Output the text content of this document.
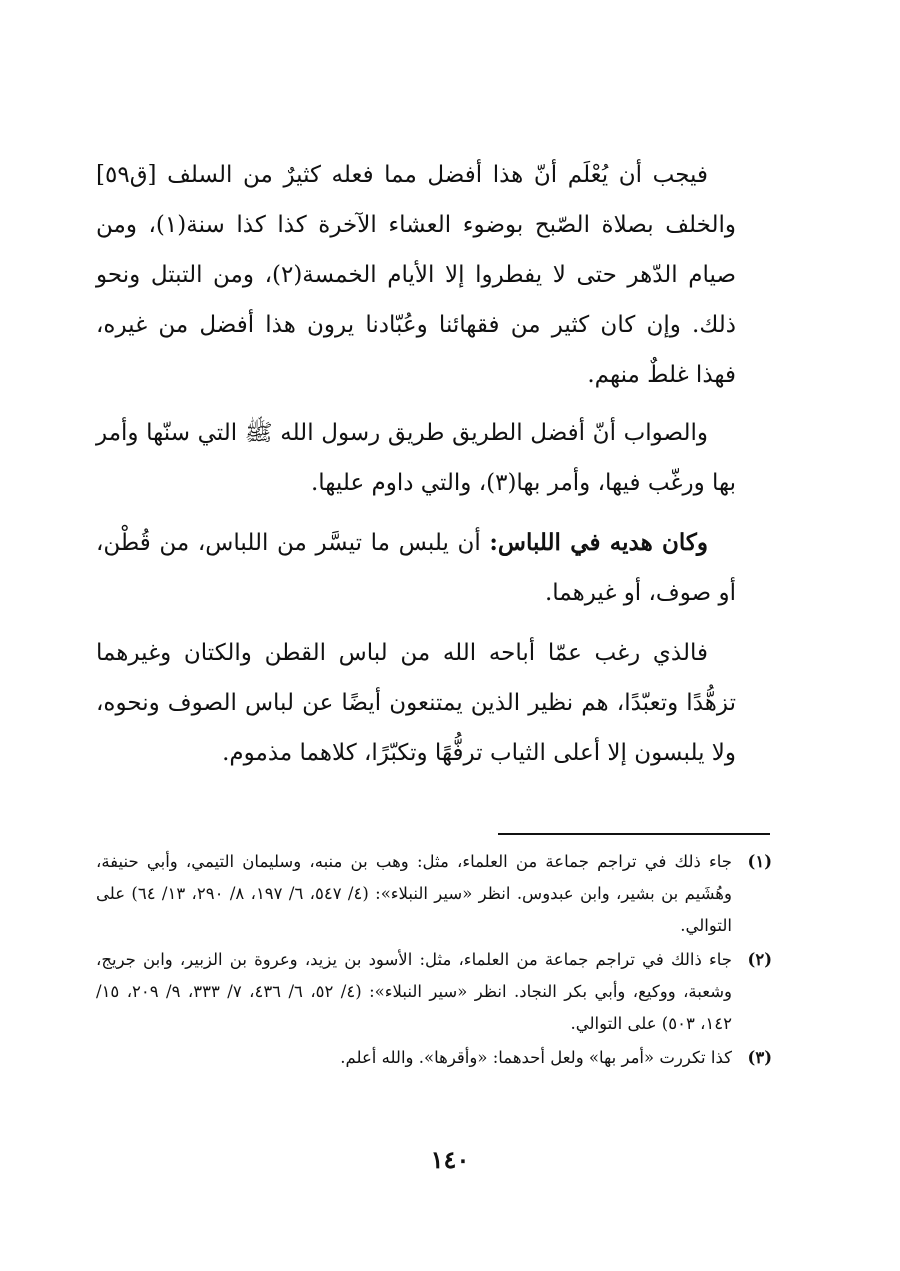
فيجب أن يُعْلَم أنّ هذا أفضل مما فعله كثيرٌ من السلف [ق٥٩] والخلف بصلاة الصّبح بوضوء العشاء الآخرة كذا كذا سنة(١)، ومن صيام الدّهر حتى لا يفطروا إلا الأيام الخمسة(٢)، ومن التبتل ونحو ذلك. وإن كان كثير من فقهائنا وعُبّادنا يرون هذا أفضل من غيره، فهذا غلطٌ منهم.

والصواب أنّ أفضل الطريق طريق رسول الله ﷺ التي سنّها وأمر بها ورغّب فيها، وأمر بها(٣)، والتي داوم عليها.

وكان هديه في اللباس: أن يلبس ما تيسَّر من اللباس، من قُطْن، أو صوف، أو غيرهما.

فالذي رغب عمّا أباحه الله من لباس القطن والكتان وغيرهما تزهُّدًا وتعبّدًا، هم نظير الذين يمتنعون أيضًا عن لباس الصوف ونحوه، ولا يلبسون إلا أعلى الثياب ترفُّهًا وتكبّرًا، كلاهما مذموم.

(١)
جاء ذلك في تراجم جماعة من العلماء، مثل: وهب بن منبه، وسليمان التيمي، وأبي حنيفة، وهُشَيم بن بشير، وابن عبدوس. انظر «سير النبلاء»: (٤/ ٥٤٧، ٦/ ١٩٧، ٨/ ٢٩٠، ١٣/ ٦٤) على التوالي.
(٢)
جاء ذالك في تراجم جماعة من العلماء، مثل: الأسود بن يزيد، وعروة بن الزبير، وابن جريج، وشعبة، ووكيع، وأبي بكر النجاد. انظر «سير النبلاء»: (٤/ ٥٢، ٦/ ٤٣٦، ٧/ ٣٣٣، ٩/ ٢٠٩، ١٥/ ١٤٢، ٥٠٣) على التوالي.
(٣)
كذا تكررت «أمر بها» ولعل أحدهما: «وأقرها». والله أعلم.
١٤٠
